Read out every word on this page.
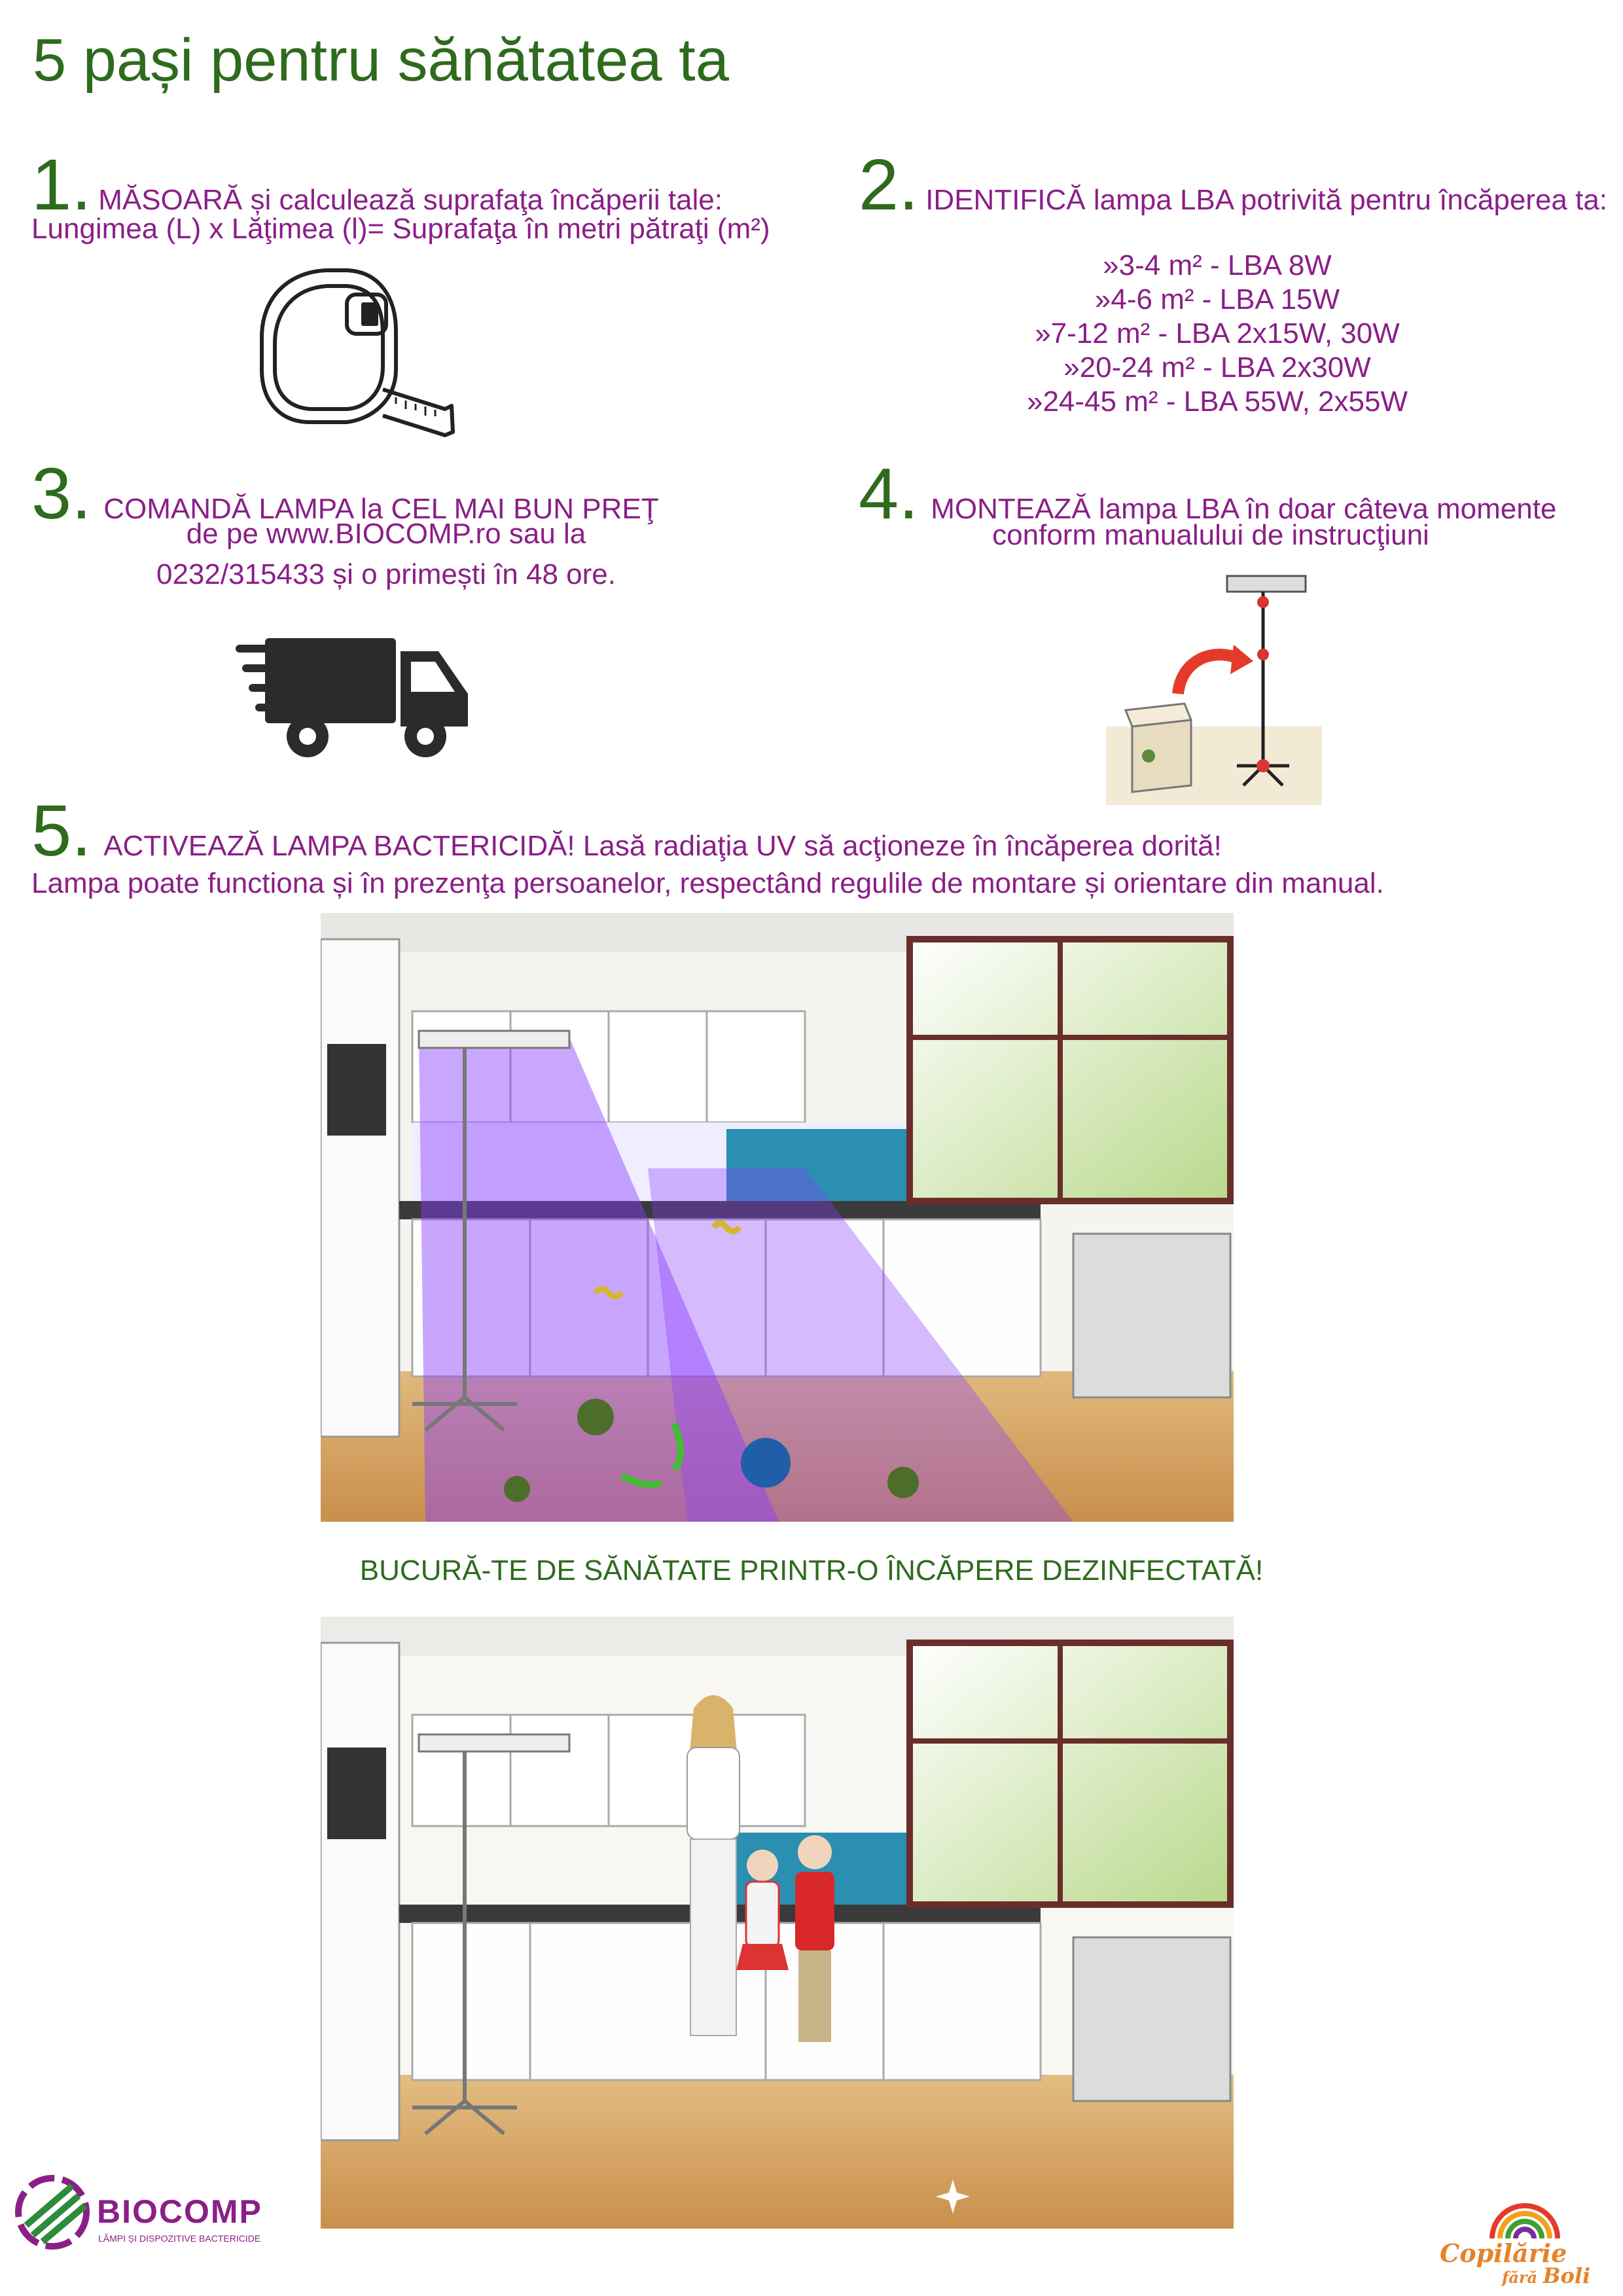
5 pași pentru sănătatea ta
1. MĂSOARĂ și calculează suprafaţa încăperii tale:
Lungimea (L) x Lăţimea (l)= Suprafaţa în metri pătraţi (m²)
2. IDENTIFICĂ lampa LBA potrivită pentru încăperea ta:
»3-4 m² - LBA 8W
»4-6 m² - LBA 15W
»7-12 m² - LBA 2x15W, 30W
»20-24 m² - LBA 2x30W
»24-45 m² - LBA 55W, 2x55W
3. COMANDĂ LAMPA la CEL MAI BUN PREŢ
de pe www.BIOCOMP.ro sau la
0232/315433 și o primești în 48 ore.
4. MONTEAZĂ lampa LBA în doar câteva momente
conform manualului de instrucţiuni
5. ACTIVEAZĂ LAMPA BACTERICIDĂ! Lasă radiaţia UV să acţioneze în încăperea dorită!
Lampa poate functiona și în prezenţa persoanelor, respectând regulile de montare și orientare din manual.
BUCURĂ-TE DE SĂNĂTATE PRINTR-O ÎNCĂPERE DEZINFECTATĂ!
BIOCOMP
LĂMPI ȘI DISPOZITIVE BACTERICIDE	Copilărie
fără Boli
